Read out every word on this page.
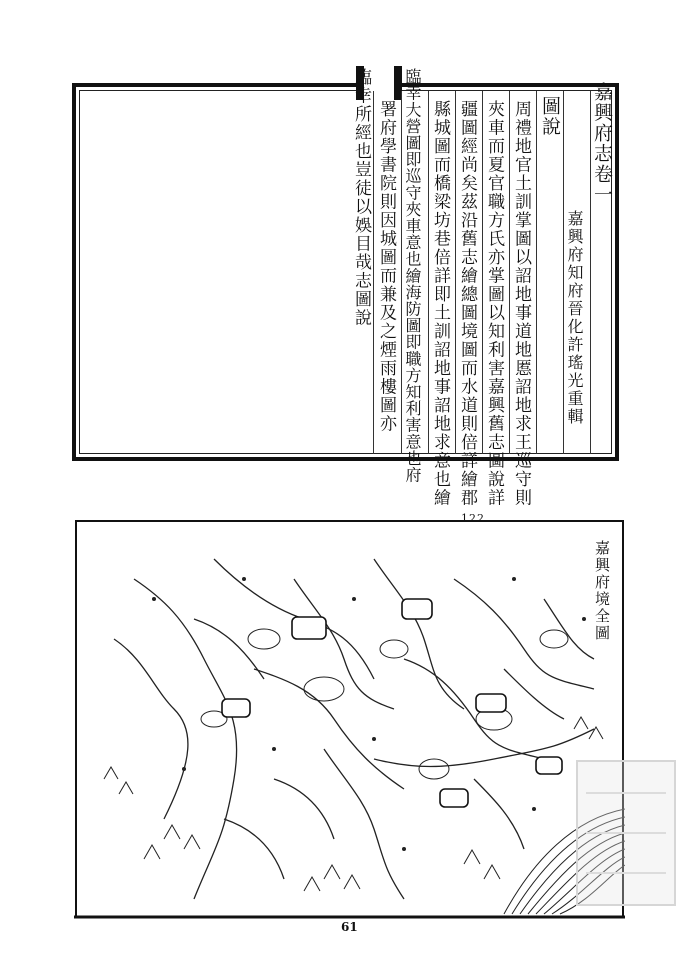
嘉興府志卷一
嘉興府知府晉化許瑤光重輯
圖說
周禮地官土訓掌圖以詔地事道地慝詔地求王巡守則
夾車而夏官職方氏亦掌圖以知利害嘉興舊志圖說詳
疆圖經尚矣茲沿舊志繪總圖境圖而水道則倍詳繪郡
縣城圖而橋梁坊巷倍詳即土訓詔地事詔地求意也繪
臨幸大營圖即巡守夾車意也繪海防圖即職方知利害意也府
署府學書院則因城圖而兼及之煙雨樓圖亦
臨幸所經也豈徒以娛目哉志圖說
122
嘉興府境全圖
61
